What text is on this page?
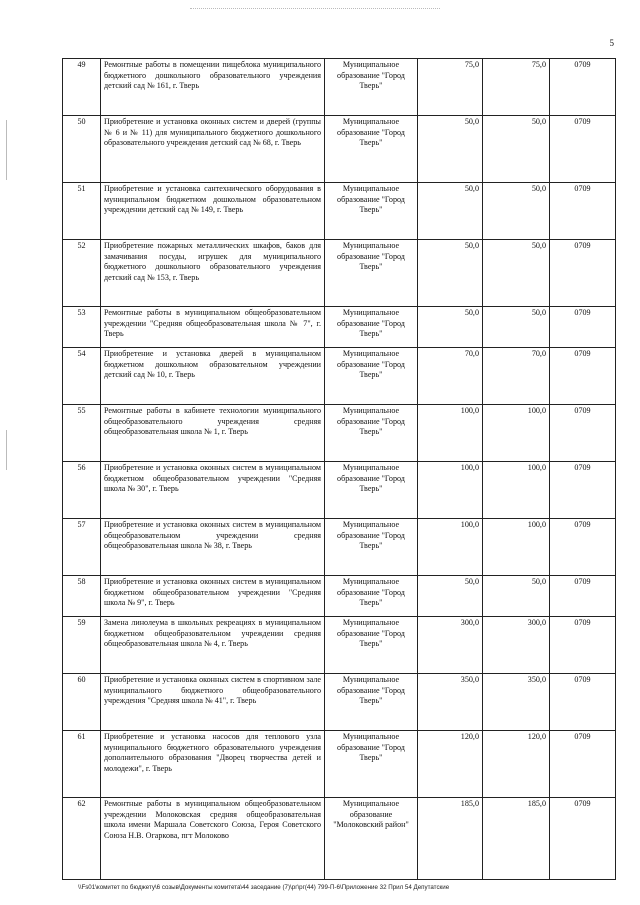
5
49	Ремонтные работы в помещении пищеблока муниципального бюджетного дошкольного образовательного учреждения детский сад № 161, г. Тверь	Муниципальное образование "Город Тверь"	75,0	75,0	0709
50	Приобретение и установка оконных систем и дверей (группы № 6 и № 11) для муниципального бюджетного дошкольного образовательного учреждения детский сад № 68, г. Тверь	Муниципальное образование "Город Тверь"	50,0	50,0	0709
51	Приобретение и установка сантехнического оборудования в муниципальном бюджетном дошкольном образовательном учреждении детский сад № 149, г. Тверь	Муниципальное образование "Город Тверь"	50,0	50,0	0709
52	Приобретение пожарных металлических шкафов, баков для замачивания посуды, игрушек для муниципального бюджетного дошкольного образовательного учреждения детский сад № 153, г. Тверь	Муниципальное образование "Город Тверь"	50,0	50,0	0709
53	Ремонтные работы в муниципальном общеобразовательном учреждении "Средняя общеобразовательная школа № 7", г. Тверь	Муниципальное образование "Город Тверь"	50,0	50,0	0709
54	Приобретение и установка дверей в муниципальном бюджетном дошкольном образовательном учреждении детский сад № 10, г. Тверь	Муниципальное образование "Город Тверь"	70,0	70,0	0709
55	Ремонтные работы в кабинете технологии муниципального общеобразовательного учреждения средняя общеобразовательная школа № 1, г. Тверь	Муниципальное образование "Город Тверь"	100,0	100,0	0709
56	Приобретение и установка оконных систем в муниципальном бюджетном общеобразовательном учреждении "Средняя школа № 30", г. Тверь	Муниципальное образование "Город Тверь"	100,0	100,0	0709
57	Приобретение и установка оконных систем в муниципальном общеобразовательном учреждении средняя общеобразовательная школа № 38, г. Тверь	Муниципальное образование "Город Тверь"	100,0	100,0	0709
58	Приобретение и установка оконных систем в муниципальном бюджетном общеобразовательном учреждении "Средняя школа № 9", г. Тверь	Муниципальное образование "Город Тверь"	50,0	50,0	0709
59	Замена линолеума в школьных рекреациях в муниципальном бюджетном общеобразовательном учреждении средняя общеобразовательная школа № 4, г. Тверь	Муниципальное образование "Город Тверь"	300,0	300,0	0709
60	Приобретение и установка оконных систем в спортивном зале муниципального бюджетного общеобразовательного учреждения "Средняя школа № 41", г. Тверь	Муниципальное образование "Город Тверь"	350,0	350,0	0709
61	Приобретение и установка насосов для теплового узла муниципального бюджетного образовательного учреждения дополнительного образования "Дворец творчества детей и молодежи", г. Тверь	Муниципальное образование "Город Тверь"	120,0	120,0	0709
62	Ремонтные работы в муниципальном общеобразовательном учреждении Молоковская средняя общеобразовательная школа имени Маршала Советского Союза, Героя Советского Союза Н.В. Огаркова, пгт Молоково	Муниципальное образование "Молоковский район"	185,0	185,0	0709
\\Fs01\комитет по бюджету\6 созыв\Документы комитета\44 заседание (7)\рг\рг(44) 799-П-6\Приложение 32 Прил 54 Депутатские
